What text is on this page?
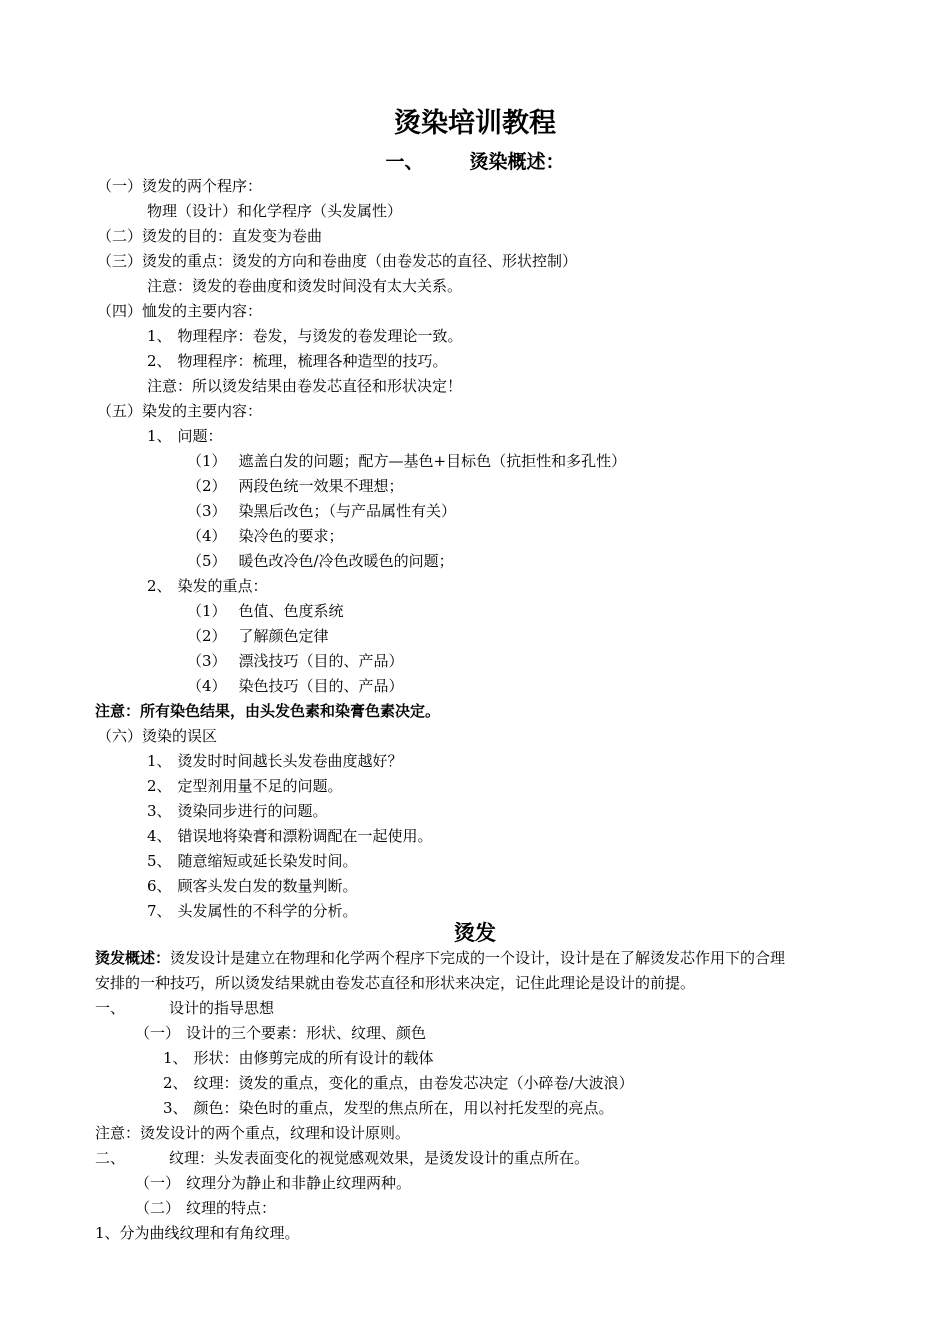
烫染培训教程
一、 烫染概述：
（一）烫发的两个程序：
物理（设计）和化学程序（头发属性）
（二）烫发的目的：直发变为卷曲
（三）烫发的重点：烫发的方向和卷曲度（由卷发芯的直径、形状控制）
注意：烫发的卷曲度和烫发时间没有太大关系。
（四）恤发的主要内容：
1、 物理程序：卷发，与烫发的卷发理论一致。
2、 物理程序：梳理，梳理各种造型的技巧。
注意：所以烫发结果由卷发芯直径和形状决定！
（五）染发的主要内容：
1、 问题：
（1） 遮盖白发的问题；配方—基色+目标色（抗拒性和多孔性）
（2） 两段色统一效果不理想；
（3） 染黑后改色；（与产品属性有关）
（4） 染冷色的要求；
（5） 暖色改冷色/冷色改暖色的问题；
2、 染发的重点：
（1） 色值、色度系统
（2） 了解颜色定律
（3） 漂浅技巧（目的、产品）
（4） 染色技巧（目的、产品）
注意：所有染色结果，由头发色素和染膏色素决定。
（六）烫染的误区
1、 烫发时时间越长头发卷曲度越好？
2、 定型剂用量不足的问题。
3、 烫染同步进行的问题。
4、 错误地将染膏和漂粉调配在一起使用。
5、 随意缩短或延长染发时间。
6、 顾客头发白发的数量判断。
7、 头发属性的不科学的分析。
烫发
烫发概述：烫发设计是建立在物理和化学两个程序下完成的一个设计，设计是在了解烫发芯作用下的合理
安排的一种技巧，所以烫发结果就由卷发芯直径和形状来决定，记住此理论是设计的前提。
一、	设计的指导思想
（一） 设计的三个要素：形状、纹理、颜色
1、 形状：由修剪完成的所有设计的载体
2、 纹理：烫发的重点，变化的重点，由卷发芯决定（小碎卷/大波浪）
3、 颜色：染色时的重点，发型的焦点所在，用以衬托发型的亮点。
注意：烫发设计的两个重点，纹理和设计原则。
二、	纹理：头发表面变化的视觉感观效果，是烫发设计的重点所在。
（一） 纹理分为静止和非静止纹理两种。
（二） 纹理的特点：
1、分为曲线纹理和有角纹理。
